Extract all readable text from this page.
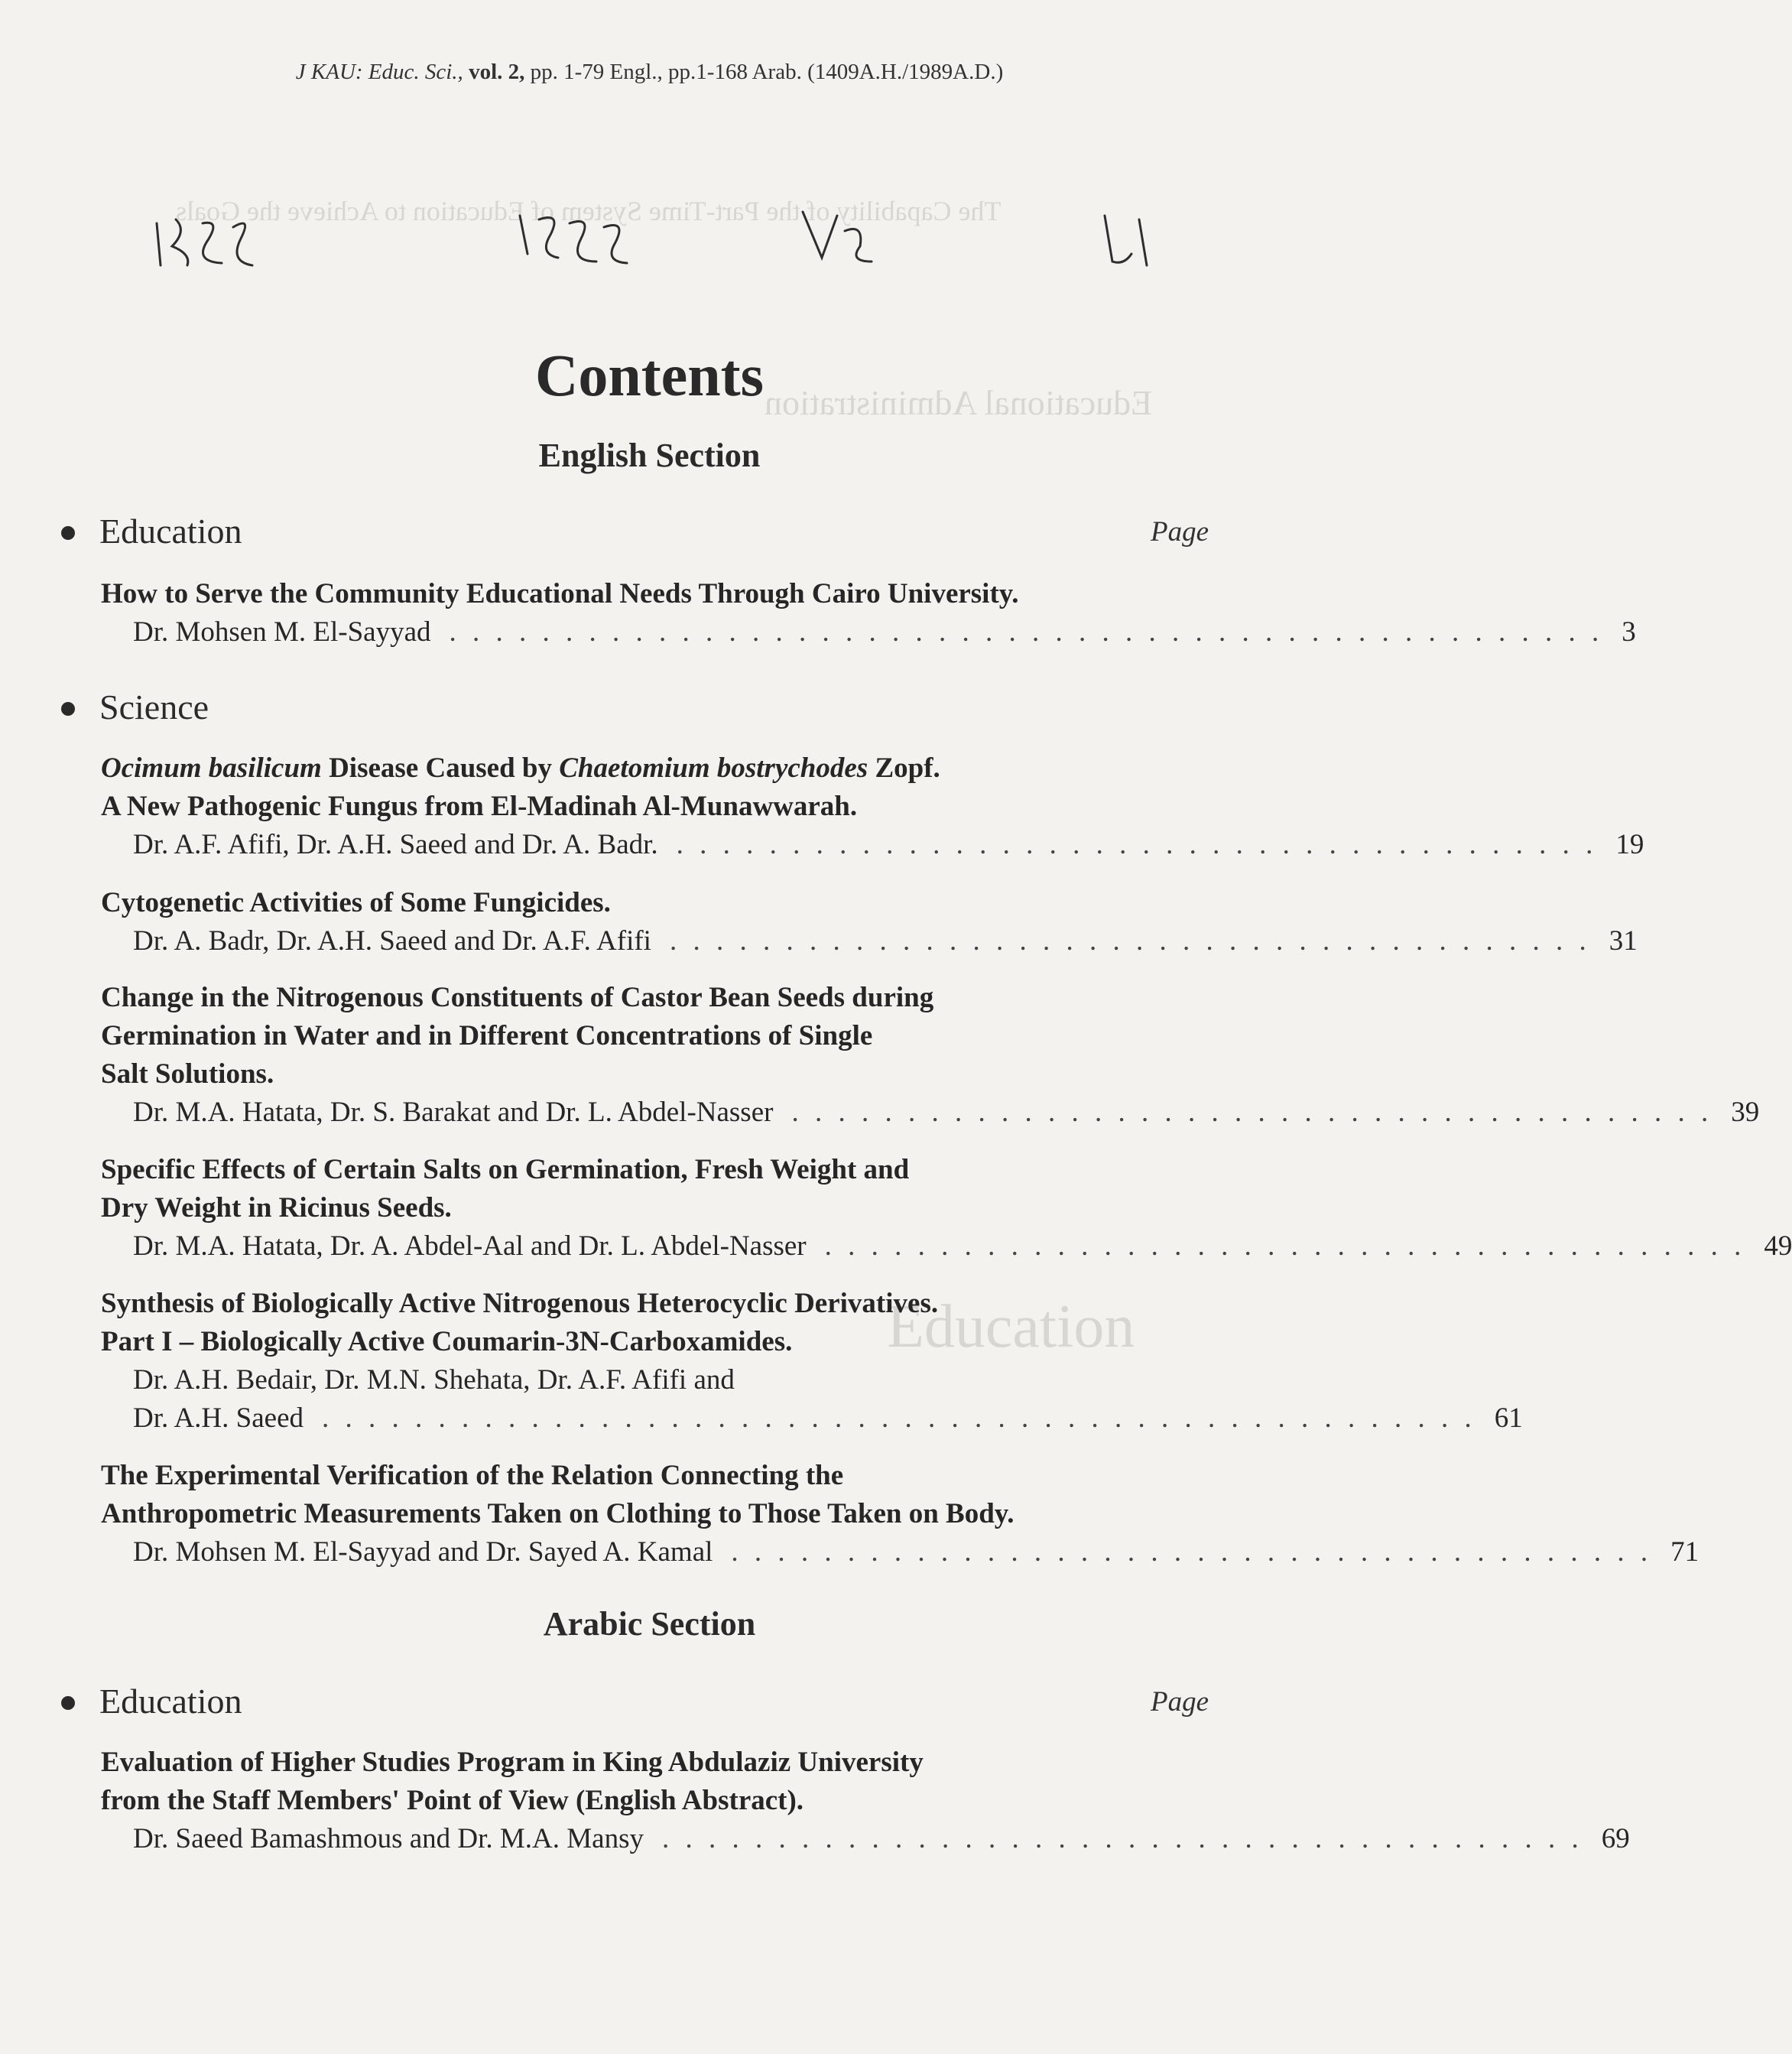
The Capability of the Part-Time System of Education to Achieve the Goals
Educational Administration
Education
J KAU: Educ. Sci., vol. 2, pp. 1-79 Engl., pp.1-168 Arab. (1409A.H./1989A.D.)
Contents
English Section
Education	Page
How to Serve the Community Educational Needs Through Cairo University.
Dr. Mohsen M. El-Sayyad . . . . . . . . . . . . . . . . . . . . . . . . . . . . . . . . . . . . . . . . . . . . . . . . . . 3
Science
Ocimum basilicum Disease Caused by Chaetomium bostrychodes Zopf.
A New Pathogenic Fungus from El-Madinah Al-Munawwarah.
Dr. A.F. Afifi, Dr. A.H. Saeed and Dr. A. Badr. . . . . . . . . . . . . . . . . . . . . . . . . . . . . . . . . . . . . . . . . 19
Cytogenetic Activities of Some Fungicides.
Dr. A. Badr, Dr. A.H. Saeed and Dr. A.F. Afifi . . . . . . . . . . . . . . . . . . . . . . . . . . . . . . . . . . . . . . . . 31
Change in the Nitrogenous Constituents of Castor Bean Seeds during
Germination in Water and in Different Concentrations of Single
Salt Solutions.
Dr. M.A. Hatata, Dr. S. Barakat and Dr. L. Abdel-Nasser . . . . . . . . . . . . . . . . . . . . . . . . . . . . . . . . . . . . . . . . 39
Specific Effects of Certain Salts on Germination, Fresh Weight and
Dry Weight in Ricinus Seeds.
Dr. M.A. Hatata, Dr. A. Abdel-Aal and Dr. L. Abdel-Nasser . . . . . . . . . . . . . . . . . . . . . . . . . . . . . . . . . . . . . . . . 49
Synthesis of Biologically Active Nitrogenous Heterocyclic Derivatives.
Part I – Biologically Active Coumarin-3N-Carboxamides.
Dr. A.H. Bedair, Dr. M.N. Shehata, Dr. A.F. Afifi and
Dr. A.H. Saeed . . . . . . . . . . . . . . . . . . . . . . . . . . . . . . . . . . . . . . . . . . . . . . . . . . 61
The Experimental Verification of the Relation Connecting the
Anthropometric Measurements Taken on Clothing to Those Taken on Body.
Dr. Mohsen M. El-Sayyad and Dr. Sayed A. Kamal . . . . . . . . . . . . . . . . . . . . . . . . . . . . . . . . . . . . . . . . 71
Arabic Section
Education	Page
Evaluation of Higher Studies Program in King Abdulaziz University
from the Staff Members' Point of View (English Abstract).
Dr. Saeed Bamashmous and Dr. M.A. Mansy . . . . . . . . . . . . . . . . . . . . . . . . . . . . . . . . . . . . . . . . 69
